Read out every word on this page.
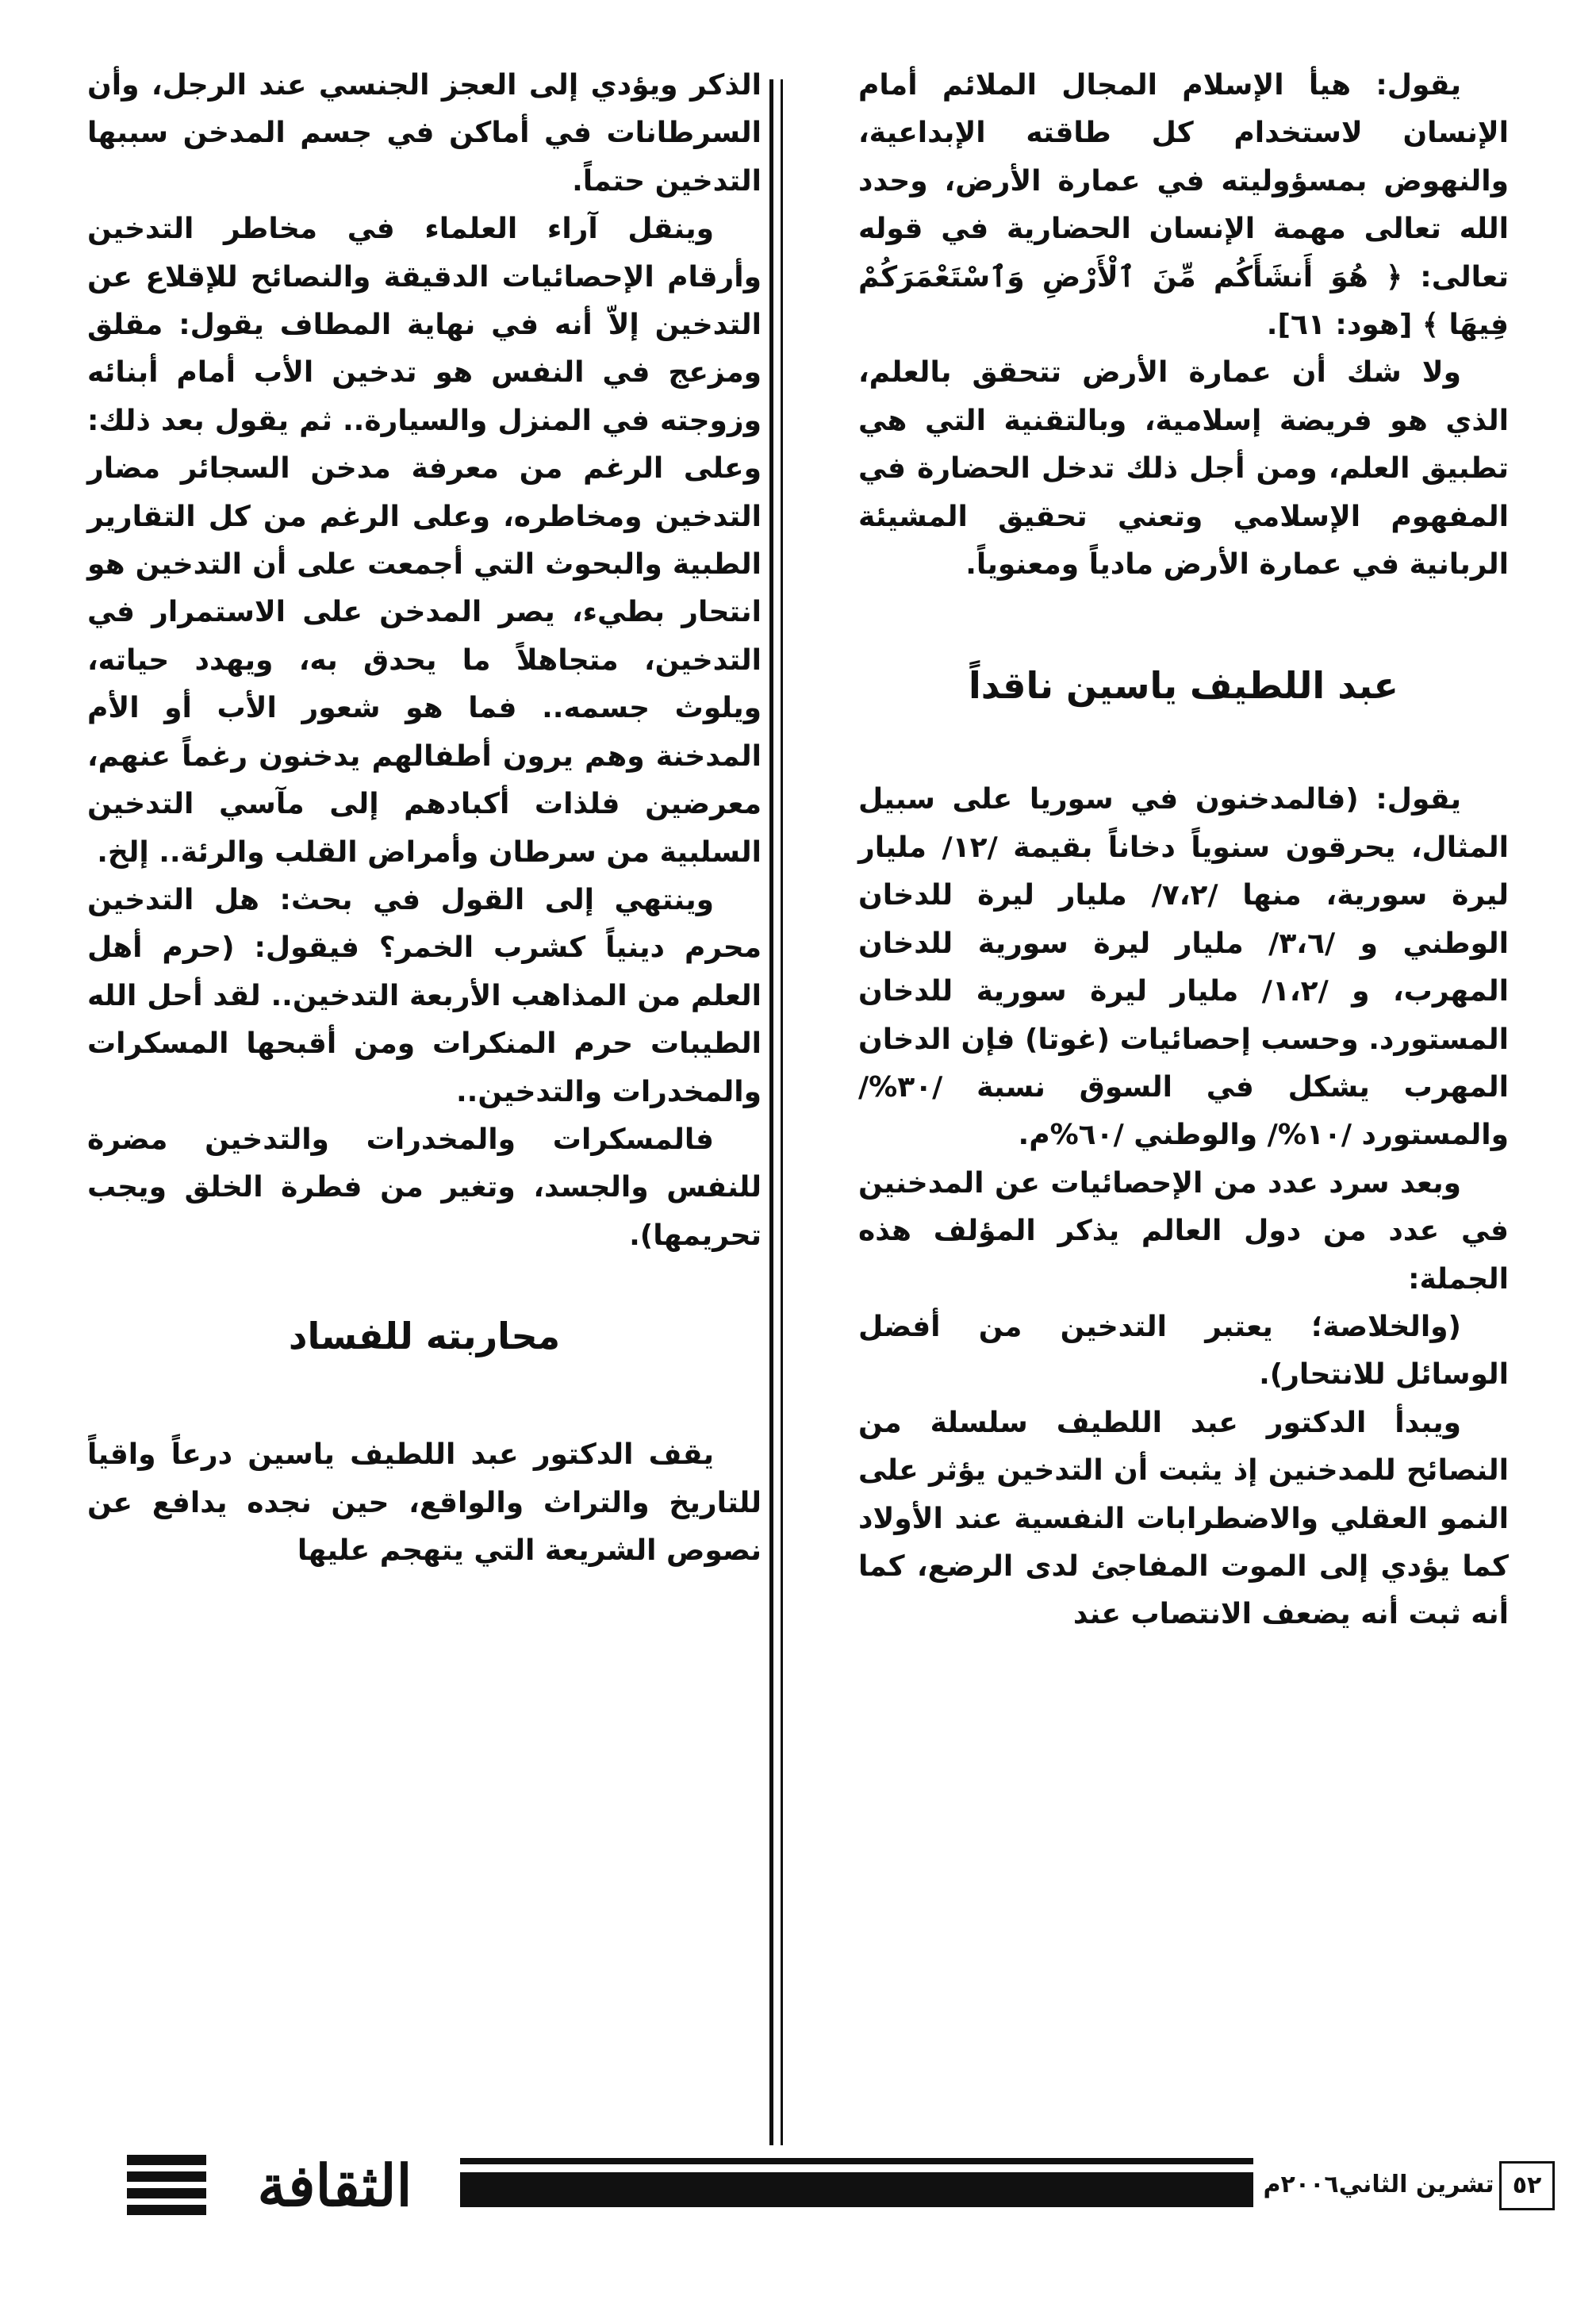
يقول: هيأ الإسلام المجال الملائم أمام الإنسان لاستخدام كل طاقته الإبداعية، والنهوض بمسؤوليته في عمارة الأرض، وحدد الله تعالى مهمة الإنسان الحضارية في قوله تعالى: ﴿ هُوَ أَنشَأَكُم مِّنَ ٱلْأَرْضِ وَٱسْتَعْمَرَكُمْ فِيهَا ﴾ [هود: ٦١].

ولا شك أن عمارة الأرض تتحقق بالعلم، الذي هو فريضة إسلامية، وبالتقنية التي هي تطبيق العلم، ومن أجل ذلك تدخل الحضارة في المفهوم الإسلامي وتعني تحقيق المشيئة الربانية في عمارة الأرض مادياً ومعنوياً.

عبد اللطيف ياسين ناقداً

يقول: (فالمدخنون في سوريا على سبيل المثال، يحرقون سنوياً دخاناً بقيمة /١٢/ مليار ليرة سورية، منها /٧،٢/ مليار ليرة للدخان الوطني و /٣،٦/ مليار ليرة سورية للدخان المهرب، و /١،٢/ مليار ليرة سورية للدخان المستورد. وحسب إحصائيات (غوتا) فإن الدخان المهرب يشكل في السوق نسبة /٣٠%/ والمستورد /١٠%/ والوطني /٦٠%م.

وبعد سرد عدد من الإحصائيات عن المدخنين في عدد من دول العالم يذكر المؤلف هذه الجملة:

(والخلاصة؛ يعتبر التدخين من أفضل الوسائل للانتحار).

ويبدأ الدكتور عبد اللطيف سلسلة من النصائح للمدخنين إذ يثبت أن التدخين يؤثر على النمو العقلي والاضطرابات النفسية عند الأولاد كما يؤدي إلى الموت المفاجئ لدى الرضع، كما أنه ثبت أنه يضعف الانتصاب عند

الذكر ويؤدي إلى العجز الجنسي عند الرجل، وأن السرطانات في أماكن في جسم المدخن سببها التدخين حتماً.

وينقل آراء العلماء في مخاطر التدخين وأرقام الإحصائيات الدقيقة والنصائح للإقلاع عن التدخين إلاّ أنه في نهاية المطاف يقول: مقلق ومزعج في النفس هو تدخين الأب أمام أبنائه وزوجته في المنزل والسيارة.. ثم يقول بعد ذلك: وعلى الرغم من معرفة مدخن السجائر مضار التدخين ومخاطره، وعلى الرغم من كل التقارير الطبية والبحوث التي أجمعت على أن التدخين هو انتحار بطيء، يصر المدخن على الاستمرار في التدخين، متجاهلاً ما يحدق به، ويهدد حياته، ويلوث جسمه.. فما هو شعور الأب أو الأم المدخنة وهم يرون أطفالهم يدخنون رغماً عنهم، معرضين فلذات أكبادهم إلى مآسي التدخين السلبية من سرطان وأمراض القلب والرئة.. إلخ.

وينتهي إلى القول في بحث: هل التدخين محرم دينياً كشرب الخمر؟ فيقول: (حرم أهل العلم من المذاهب الأربعة التدخين.. لقد أحل الله الطيبات حرم المنكرات ومن أقبحها المسكرات والمخدرات والتدخين..

فالمسكرات والمخدرات والتدخين مضرة للنفس والجسد، وتغير من فطرة الخلق ويجب تحريمها).

محاربته للفساد

يقف الدكتور عبد اللطيف ياسين درعاً واقياً للتاريخ والتراث والواقع، حين نجده يدافع عن نصوص الشريعة التي يتهجم عليها

الثقافة	تشرين الثاني٢٠٠٦م ٥٢
